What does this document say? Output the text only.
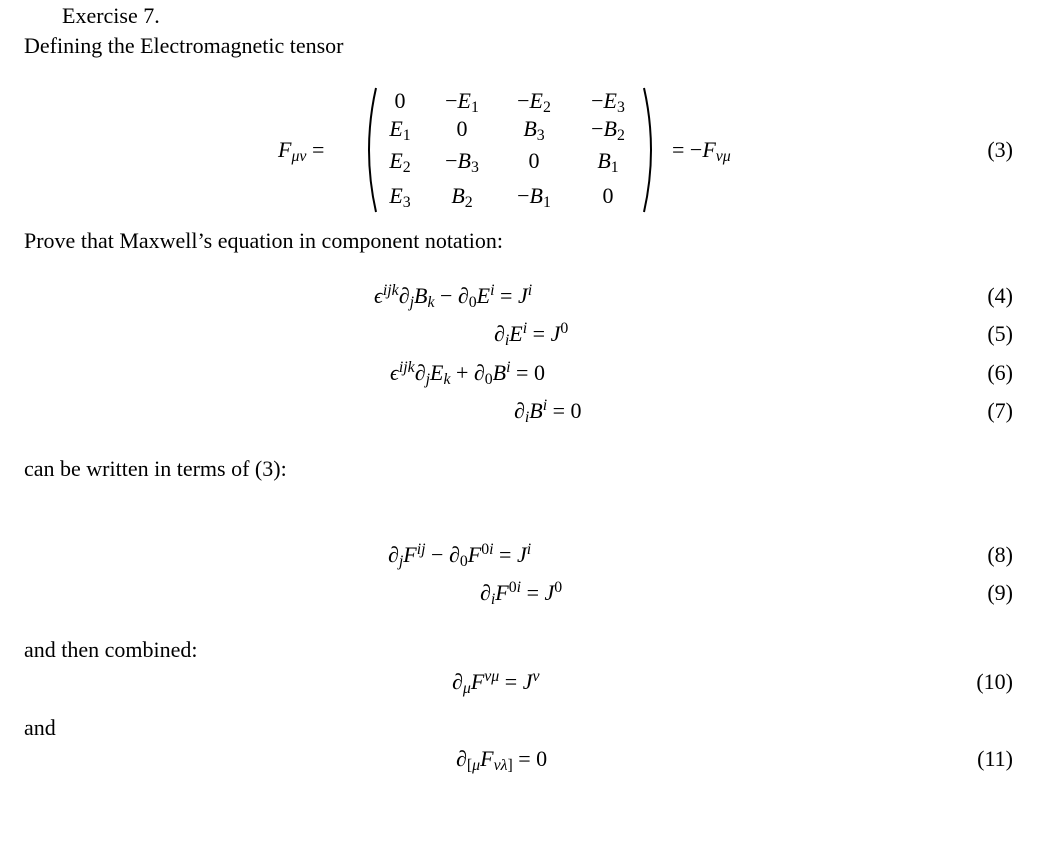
Exercise 7.
Defining the Electromagnetic tensor
$F_{\mu\nu}$ =
0	$-E_1$	$-E_2$	$-E_3$
$E_1$	0	$B_3$	$-B_2$
$E_2$	$-B_3$	0	$B_1$
$E_3$	$B_2$	$-B_1$	0
= $-F_{\nu\mu}$	(3)
Prove that Maxwell’s equation in component notation:
$\epsilon^{ijk}\partial_jB_k - \partial_0E^i = J^i$	(4)
$\partial_iE^i = J^0$	(5)
$\epsilon^{ijk}\partial_jE_k + \partial_0B^i = 0$	(6)
$\partial_iB^i = 0$	(7)
can be written in terms of (3):
$\partial_jF^{ij} - \partial_0F^{0i} = J^i$	(8)
$\partial_iF^{0i} = J^0$	(9)
and then combined:
$\partial_\mu F^{\nu\mu} = J^\nu$	(10)
and
$\partial_{[\mu}F_{\nu\lambda]} = 0$	(11)
